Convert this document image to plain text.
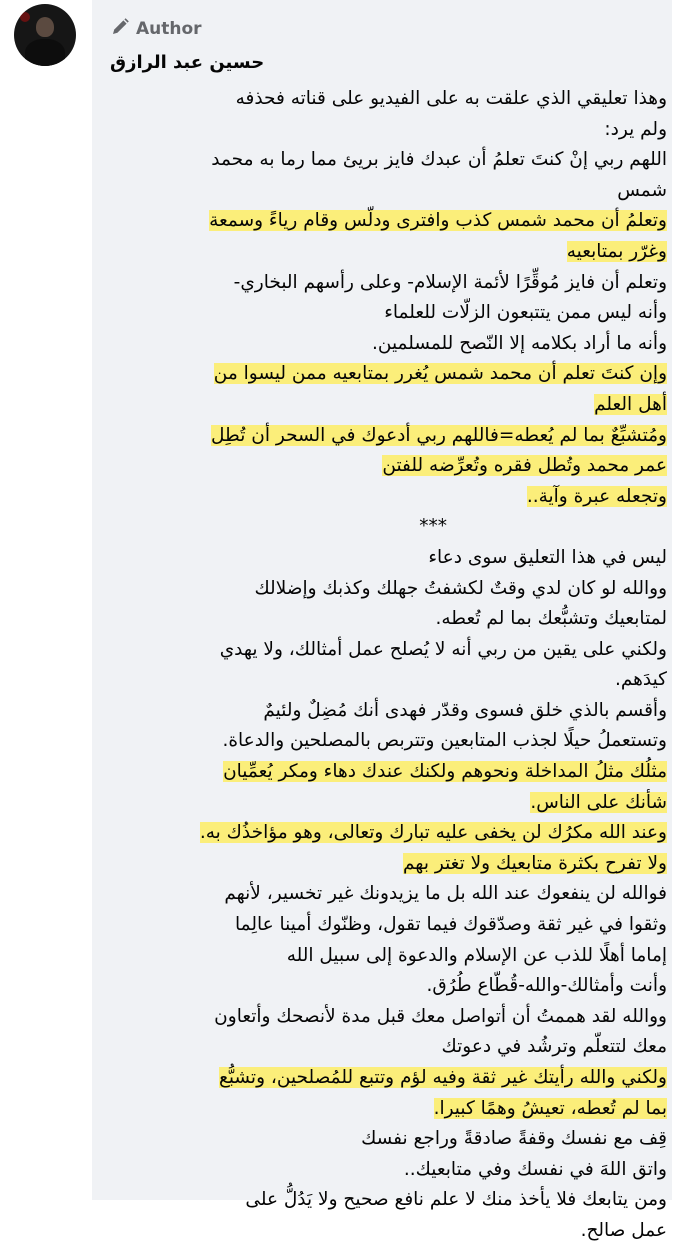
Author
حسين عبد الرازق
وهذا تعليقي الذي علقت به على الفيديو على قناته فحذفه
ولم يرد:
اللهم ربي إنْ كنتَ تعلمُ أن عبدك فايز بريئ مما رما به محمد
شمس
وتعلمُ أن محمد شمس كذب وافترى ودلّس وقام رياءً وسمعة
وغرّر بمتابعيه
وتعلم أن فايز مُوقِّرًا لأئمة الإسلام- وعلى رأسهم البخاري-
وأنه ليس ممن يتتبعون الزلّات للعلماء
وأنه ما أراد بكلامه إلا النّصح للمسلمين.
وإن كنتَ تعلم أن محمد شمس يُغرر بمتابعيه ممن ليسوا من
أهل العلم
ومُتشبِّعٌ بما لم يُعطه=فاللهم ربي أدعوك في السحر أن تُطِل
عمر محمد وتُطل فقره وتُعرِّضه للفتن
وتجعله عبرة وآية..
***
ليس في هذا التعليق سوى دعاء
ووالله لو كان لدي وقتٌ لكشفتُ جهلك وكذبك وإضلالك
لمتابعيك وتشبُّعك بما لم تُعطه.
ولكني على يقين من ربي أنه لا يُصلح عمل أمثالك، ولا يهدي
كيدَهم.
وأقسم بالذي خلق فسوى وقدّر فهدى أنك مُضِلٌ ولئيمٌ
وتستعملُ حيلًا لجذب المتابعين وتتربص بالمصلحين والدعاة.
مثلُك مثلُ المداخلة ونحوهم ولكنك عندك دهاء ومكر يُعمِّيان
شأنك على الناس.
وعند الله مكرُك لن يخفى عليه تبارك وتعالى، وهو مؤاخذُك به.
ولا تفرح بكثرة متابعيك ولا تغتر بهم
فوالله لن ينفعوك عند الله بل ما يزيدونك غير تخسير، لأنهم
وثقوا في غير ثقة وصدّقوك فيما تقول، وظنّوك أمينا عالِما
إماما أهلًا للذب عن الإسلام والدعوة إلى سبيل الله
وأنت وأمثالك-والله-قُطّاع طُرُق.
ووالله لقد هممتُ أن أتواصل معك قبل مدة لأنصحك وأتعاون
معك لتتعلّم وترشُد في دعوتك
ولكني والله رأيتك غير ثقة وفيه لؤم وتتبع للمُصلحين، وتشبُّع
بما لم تُعطه، تعيشُ وهمًا كبيرا.
قِف مع نفسك وقفةً صادقةً وراجع نفسك
واتق اللهَ في نفسك وفي متابعيك..
ومن يتابعك فلا يأخذ منك لا علم نافع صحيح ولا يَدُلُّ على
عمل صالح.
